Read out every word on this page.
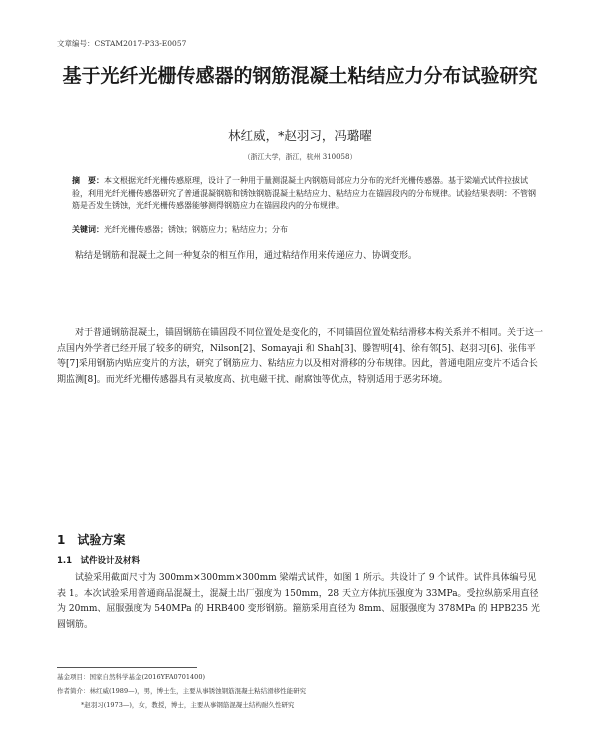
文章编号：CSTAM2017-P33-E0057
基于光纤光栅传感器的钢筋混凝土粘结应力分布试验研究
林红威，*赵羽习，冯璐曜
（浙江大学，浙江，杭州 310058）

摘　要：本文根据光纤光栅传感原理，设计了一种用于量测混凝土内钢筋局部应力分布的光纤光栅传感器。基于梁端式试件拉拔试验，利用光纤光栅传感器研究了普通混凝钢筋和锈蚀钢筋混凝土粘结应力、粘结应力在锚固段内的分布规律。试验结果表明：不管钢筋是否发生锈蚀，光纤光栅传感器能够测得钢筋应力在锚固段内的分布规律。

关键词：光纤光栅传感器；锈蚀；钢筋应力；粘结应力；分布

粘结是钢筋和混凝土之间一种复杂的相互作用，通过粘结作用来传递应力、协调变形。

对于普通钢筋混凝土，锚固钢筋在锚固段不同位置处是变化的，不同锚固位置处粘结滑移本构关系并不相同。关于这一点国内外学者已经开展了较多的研究，Nilson[2]、Somayaji 和 Shah[3]、滕智明[4]、徐有邻[5]、赵羽习[6]、张伟平等[7]采用钢筋内贴应变片的方法，研究了钢筋应力、粘结应力以及相对滑移的分布规律。因此，普通电阻应变片不适合长期监测[8]。而光纤光栅传感器具有灵敏度高、抗电磁干扰、耐腐蚀等优点，特别适用于恶劣环境。

1　试验方案
1.1　试件设计及材料

试验采用截面尺寸为 300mm×300mm×300mm 梁端式试件，如图 1 所示。共设计了 9 个试件。试件具体编号见表 1。本次试验采用普通商品混凝土，混凝土出厂强度为 150mm，28 天立方体抗压强度为 33MPa。受拉纵筋采用直径为 20mm、屈服强度为 540MPa 的 HRB400 变形钢筋。箍筋采用直径为 8mm、屈服强度为 378MPa 的 HPB235 光圆钢筋。

基金项目：国家自然科学基金(2016YFA0701400)

作者简介：林红威(1989—)，男，博士生，主要从事锈蚀钢筋混凝土粘结滑移性能研究

*赵羽习(1973—)，女，教授，博士，主要从事钢筋混凝土结构耐久性研究
